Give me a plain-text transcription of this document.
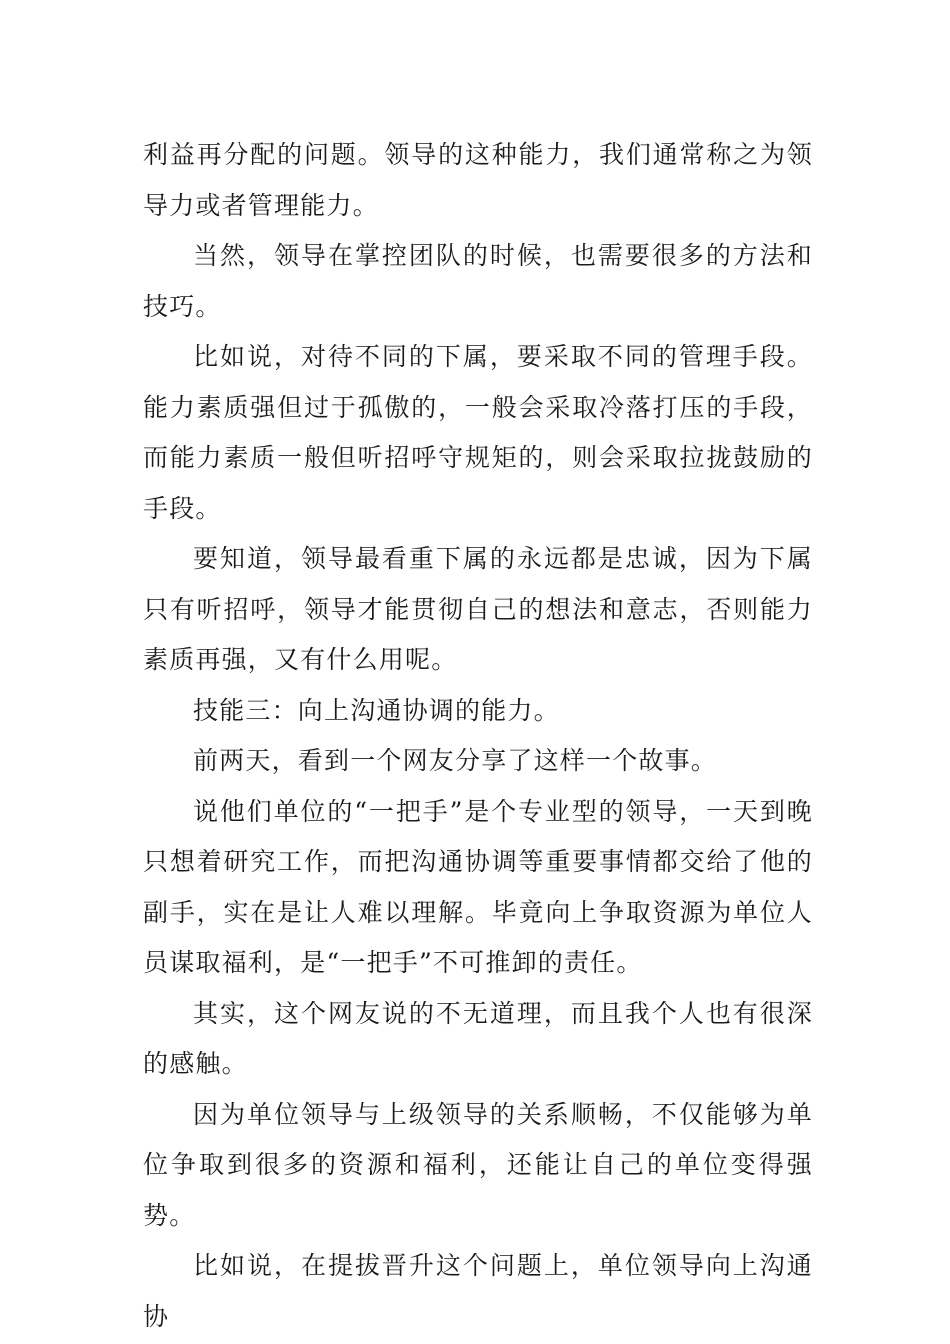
利益再分配的问题。领导的这种能力，我们通常称之为领导力或者管理能力。

当然，领导在掌控团队的时候，也需要很多的方法和技巧。

比如说，对待不同的下属，要采取不同的管理手段。能力素质强但过于孤傲的，一般会采取冷落打压的手段，而能力素质一般但听招呼守规矩的，则会采取拉拢鼓励的手段。

要知道，领导最看重下属的永远都是忠诚，因为下属只有听招呼，领导才能贯彻自己的想法和意志，否则能力素质再强，又有什么用呢。

技能三：向上沟通协调的能力。

前两天，看到一个网友分享了这样一个故事。

说他们单位的“一把手”是个专业型的领导，一天到晚只想着研究工作，而把沟通协调等重要事情都交给了他的副手，实在是让人难以理解。毕竟向上争取资源为单位人员谋取福利，是“一把手”不可推卸的责任。

其实，这个网友说的不无道理，而且我个人也有很深的感触。

因为单位领导与上级领导的关系顺畅，不仅能够为单位争取到很多的资源和福利，还能让自己的单位变得强势。

比如说，在提拔晋升这个问题上，单位领导向上沟通协
